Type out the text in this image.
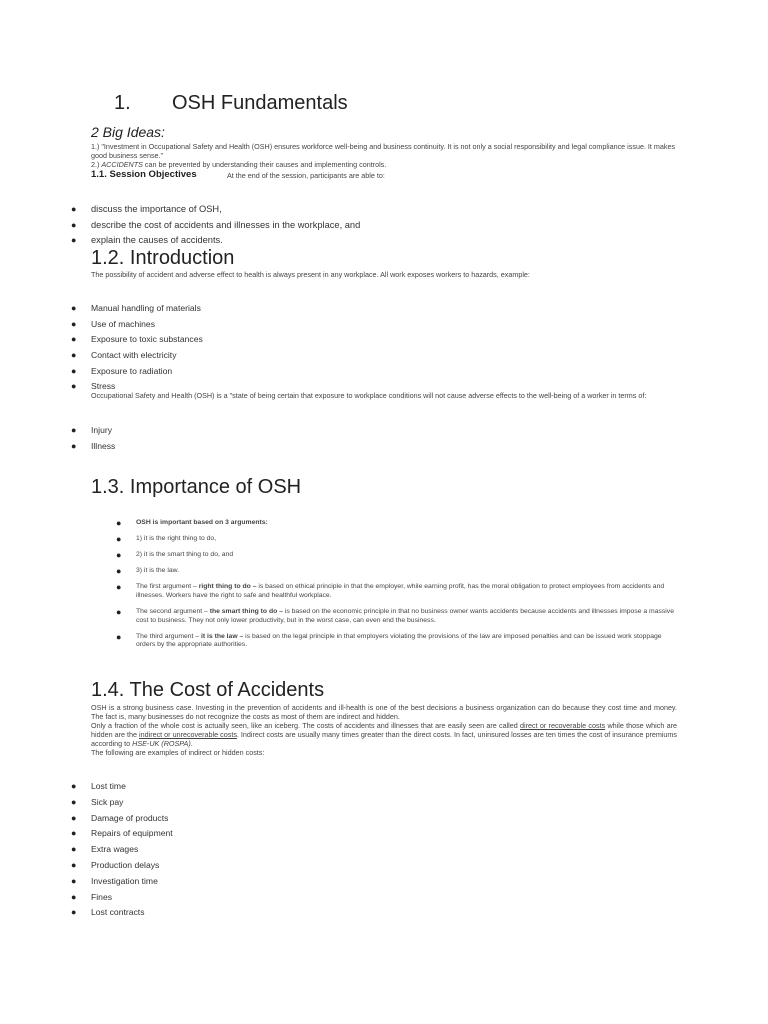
1. OSH Fundamentals
2 Big Ideas:
1.) "Investment in Occupational Safety and Health (OSH) ensures workforce well-being and business continuity. It is not only a social responsibility and legal compliance issue. It makes good business sense."
2.) ACCIDENTS can be prevented by understanding their causes and implementing controls.
1.1. Session Objectives	At the end of the session, participants are able to:
● discuss the importance of OSH,
● describe the cost of accidents and illnesses in the workplace, and
● explain the causes of accidents.
1.2. Introduction
The possibility of accident and adverse effect to health is always present in any workplace. All work exposes workers to hazards, example:
● Manual handling of materials
● Use of machines
● Exposure to toxic substances
● Contact with electricity
● Exposure to radiation
● Stress
Occupational Safety and Health (OSH) is a "state of being certain that exposure to workplace conditions will not cause adverse effects to the well-being of a worker in terms of:
● Injury
● Illness
1.3. Importance of OSH
● OSH is important based on 3 arguments:
● 1) it is the right thing to do,
● 2) it is the smart thing to do, and
● 3) it is the law.
● The first argument – right thing to do – is based on ethical principle in that the employer, while earning profit, has the moral obligation to protect employees from accidents and illnesses. Workers have the right to safe and healthful workplace.
● The second argument – the smart thing to do – is based on the economic principle in that no business owner wants accidents because accidents and illnesses impose a massive cost to business. They not only lower productivity, but in the worst case, can even end the business.
● The third argument – it is the law – is based on the legal principle in that employers violating the provisions of the law are imposed penalties and can be issued work stoppage orders by the appropriate authorities.
1.4. The Cost of Accidents
OSH is a strong business case. Investing in the prevention of accidents and ill-health is one of the best decisions a business organization can do because they cost time and money. The fact is, many businesses do not recognize the costs as most of them are indirect and hidden.
Only a fraction of the whole cost is actually seen, like an iceberg. The costs of accidents and illnesses that are easily seen are called direct or recoverable costs while those which are hidden are the indirect or unrecoverable costs. Indirect costs are usually many times greater than the direct costs. In fact, uninsured losses are ten times the cost of insurance premiums according to HSE-UK (ROSPA).
The following are examples of indirect or hidden costs:
● Lost time
● Sick pay
● Damage of products
● Repairs of equipment
● Extra wages
● Production delays
● Investigation time
● Fines
● Lost contracts
